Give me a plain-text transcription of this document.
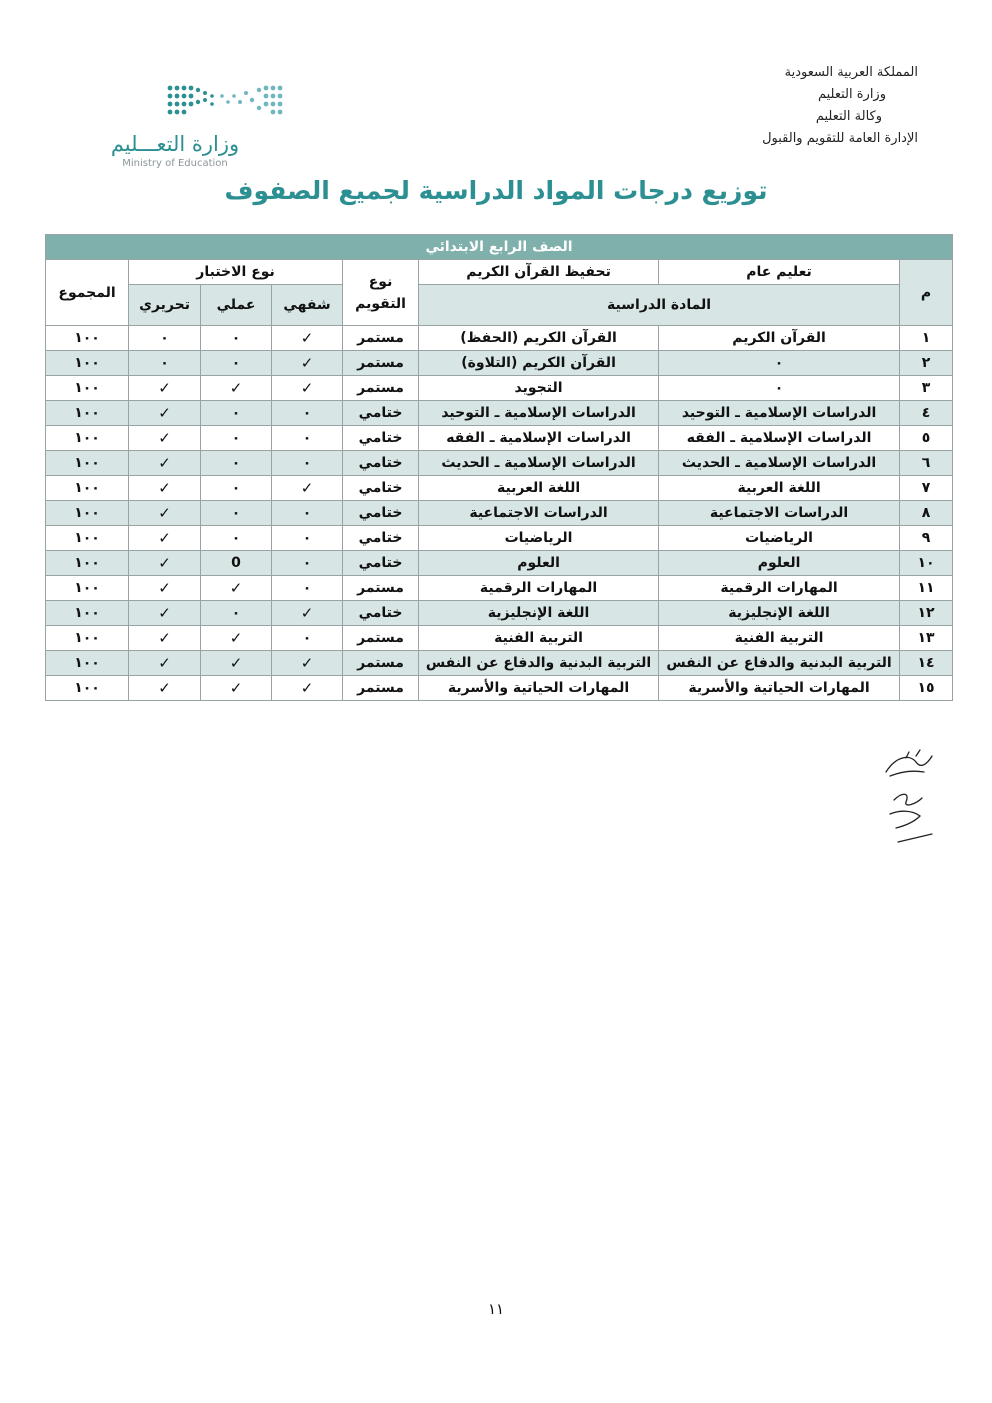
المملكة العربية السعودية
وزارة التعليم
وكالة التعليم
الإدارة العامة للتقويم والقبول
وزارة التعـــليم
Ministry of Education
توزيع درجات المواد الدراسية لجميع الصفوف
الصف الرابع الابتدائي							
م	تعليم عام	تحفيظ القرآن الكريم	نوع التقويم	نوع الاختبار			المجموع
	المادة الدراسية			شفهي	عملي	تحريري	
١	القرآن الكريم	القرآن الكريم (الحفظ)	مستمر	✓	٠	٠	١٠٠
٢	٠	القرآن الكريم (التلاوة)	مستمر	✓	٠	٠	١٠٠
٣	٠	التجويد	مستمر	✓	✓	✓	١٠٠
٤	الدراسات الإسلامية ـ التوحيد	الدراسات الإسلامية ـ التوحيد	ختامي	٠	٠	✓	١٠٠
٥	الدراسات الإسلامية ـ الفقه	الدراسات الإسلامية ـ الفقه	ختامي	٠	٠	✓	١٠٠
٦	الدراسات الإسلامية ـ الحديث	الدراسات الإسلامية ـ الحديث	ختامي	٠	٠	✓	١٠٠
٧	اللغة العربية	اللغة العربية	ختامي	✓	٠	✓	١٠٠
٨	الدراسات الاجتماعية	الدراسات الاجتماعية	ختامي	٠	٠	✓	١٠٠
٩	الرياضيات	الرياضيات	ختامي	٠	٠	✓	١٠٠
١٠	العلوم	العلوم	ختامي	٠	0	✓	١٠٠
١١	المهارات الرقمية	المهارات الرقمية	مستمر	٠	✓	✓	١٠٠
١٢	اللغة الإنجليزية	اللغة الإنجليزية	ختامي	✓	٠	✓	١٠٠
١٣	التربية الفنية	التربية الفنية	مستمر	٠	✓	✓	١٠٠
١٤	التربية البدنية والدفاع عن النفس	التربية البدنية والدفاع عن النفس	مستمر	✓	✓	✓	١٠٠
١٥	المهارات الحياتية والأسرية	المهارات الحياتية والأسرية	مستمر	✓	✓	✓	١٠٠
١١
